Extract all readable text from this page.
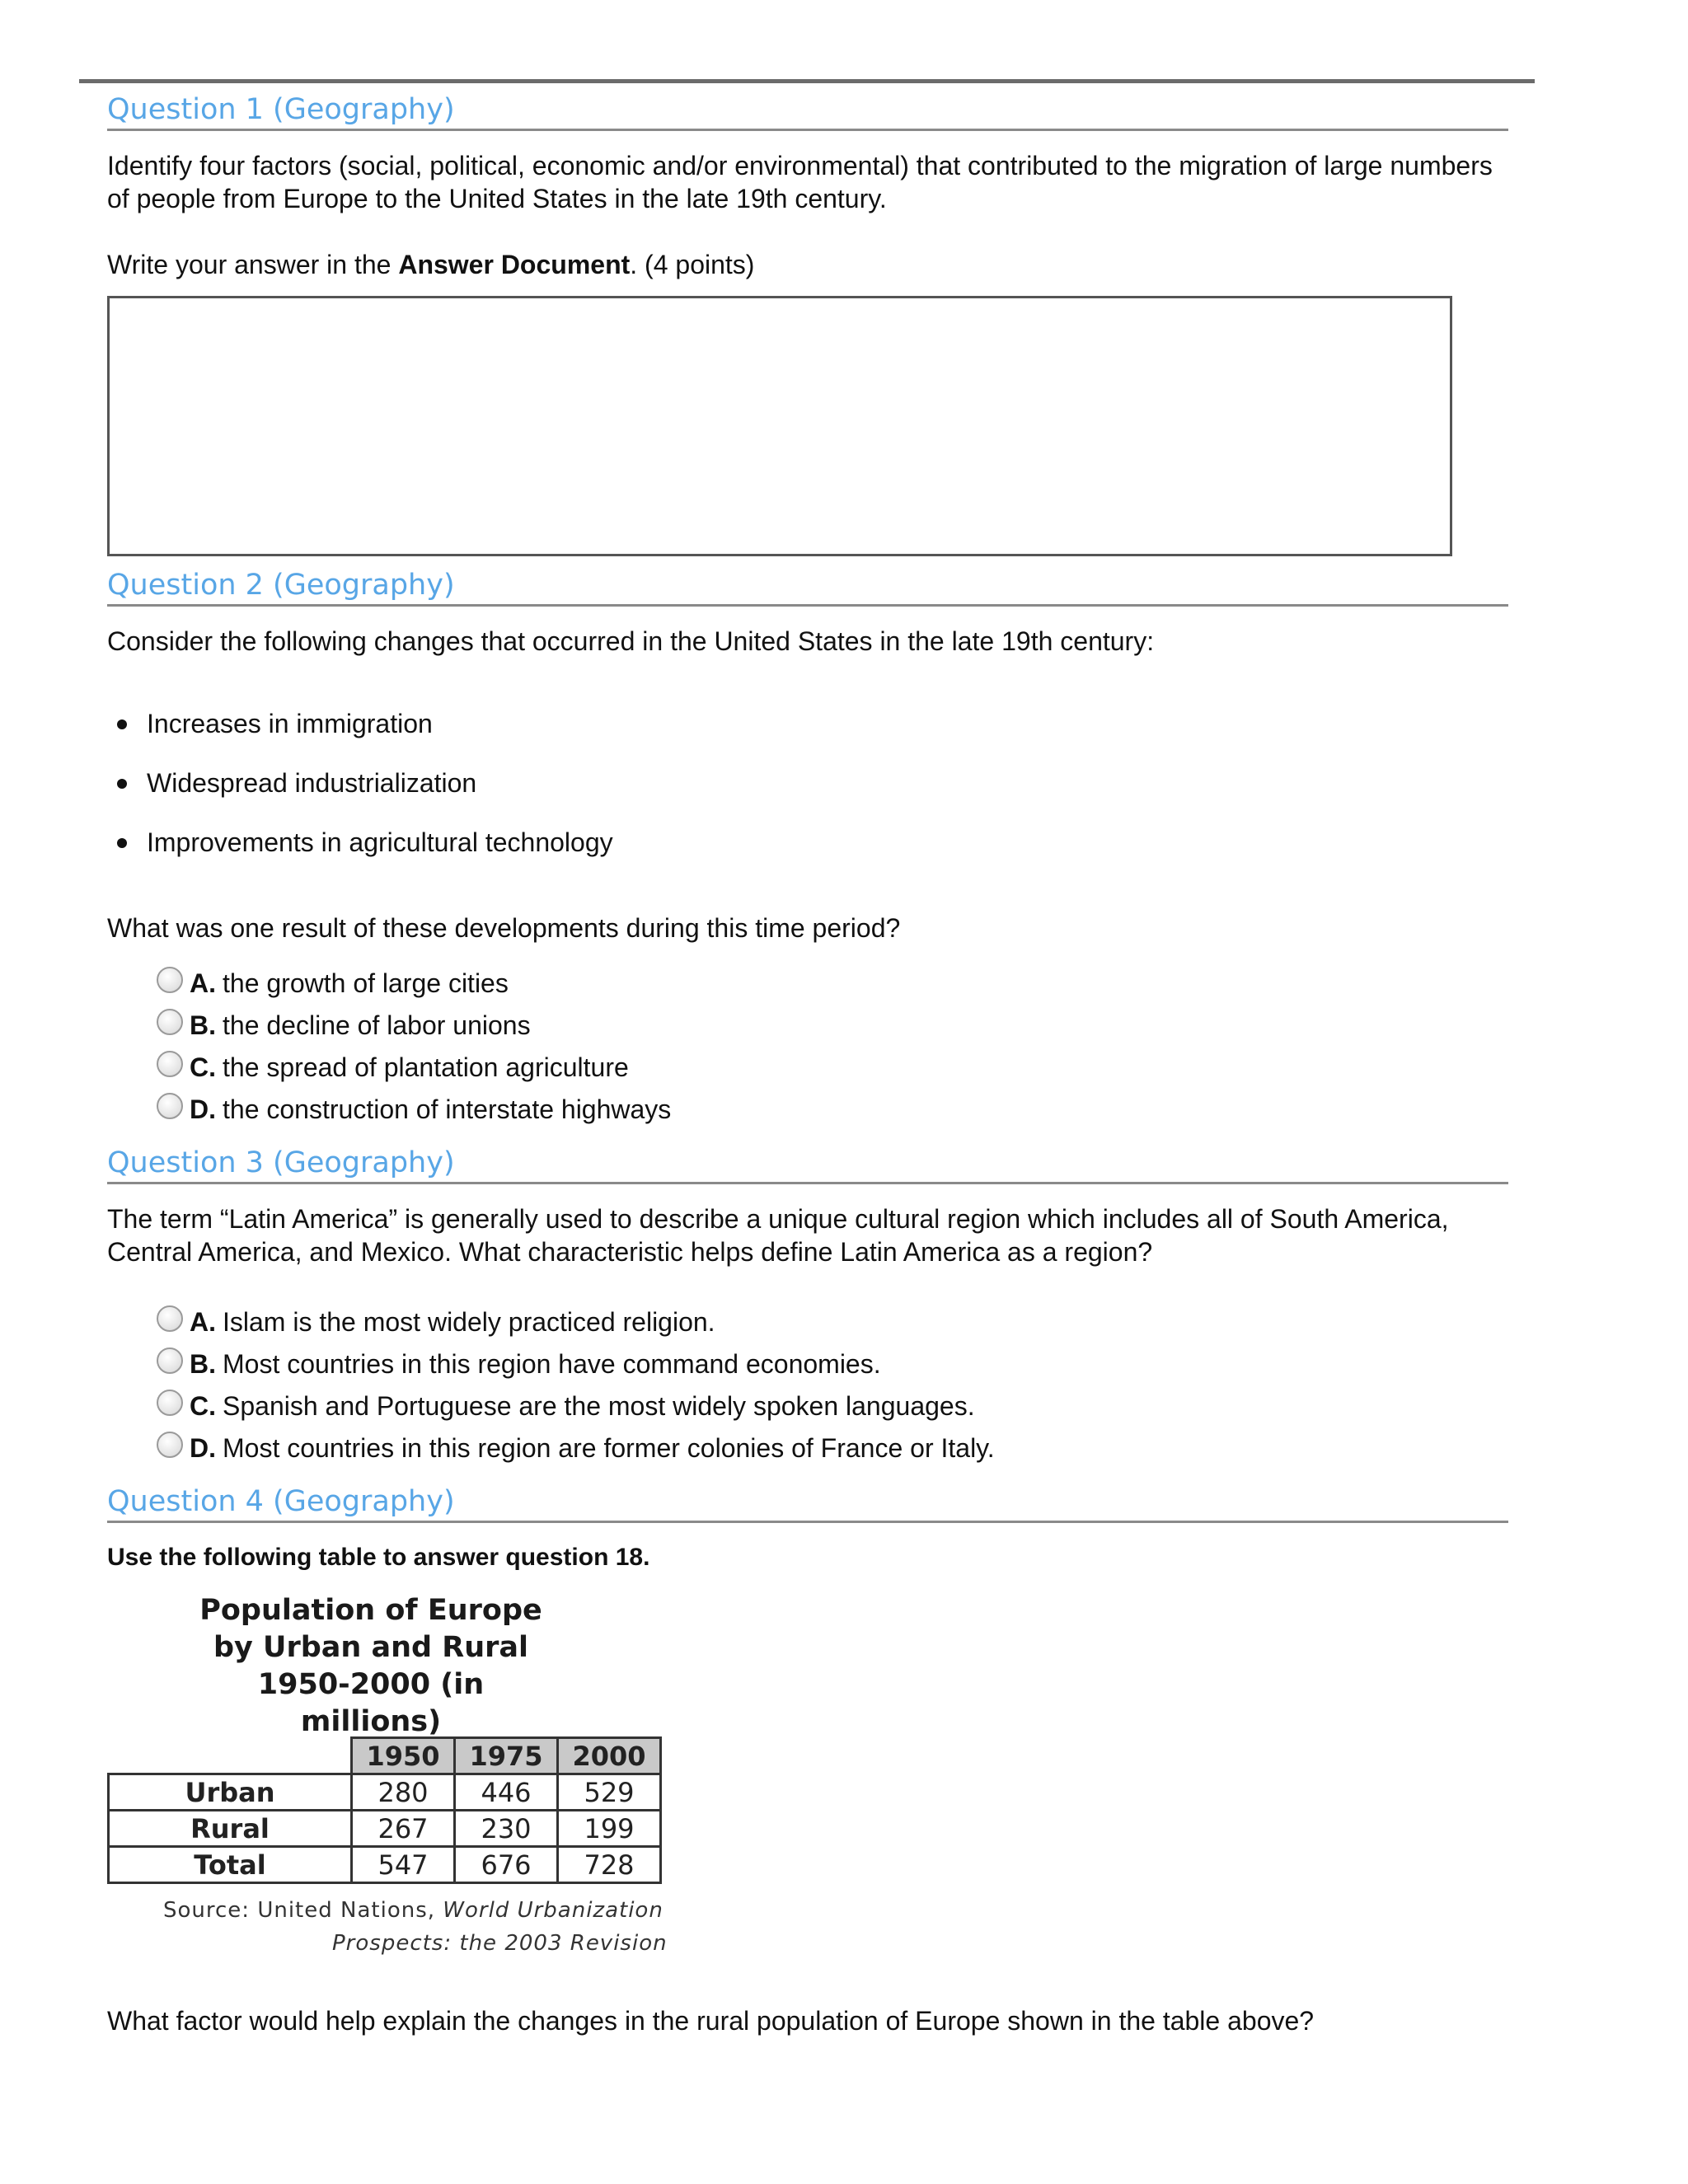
Question 1 (Geography)

Identify four factors (social, political, economic and/or environmental) that contributed to the migration of large numbers of people from Europe to the United States in the late 19th century.

Write your answer in the Answer Document. (4 points)

Question 2 (Geography)

Consider the following changes that occurred in the United States in the late 19th century:

Increases in immigration
Widespread industrialization
Improvements in agricultural technology

What was one result of these developments during this time period?

A. the growth of large cities
B. the decline of labor unions
C. the spread of plantation agriculture
D. the construction of interstate highways
Question 3 (Geography)

The term “Latin America” is generally used to describe a unique cultural region which includes all of South America, Central America, and Mexico. What characteristic helps define Latin America as a region?

A. Islam is the most widely practiced religion.
B. Most countries in this region have command economies.
C. Spanish and Portuguese are the most widely spoken languages.
D. Most countries in this region are former colonies of France or Italy.
Question 4 (Geography)

Use the following table to answer question 18.

Population of Europe
by Urban and Rural
1950-2000 (in millions)
	1950	1975	2000
Urban	280	446	529
Rural	267	230	199
Total	547	676	728
Source: United Nations, World Urbanization
Prospects: the 2003 Revision

What factor would help explain the changes in the rural population of Europe shown in the table above?
